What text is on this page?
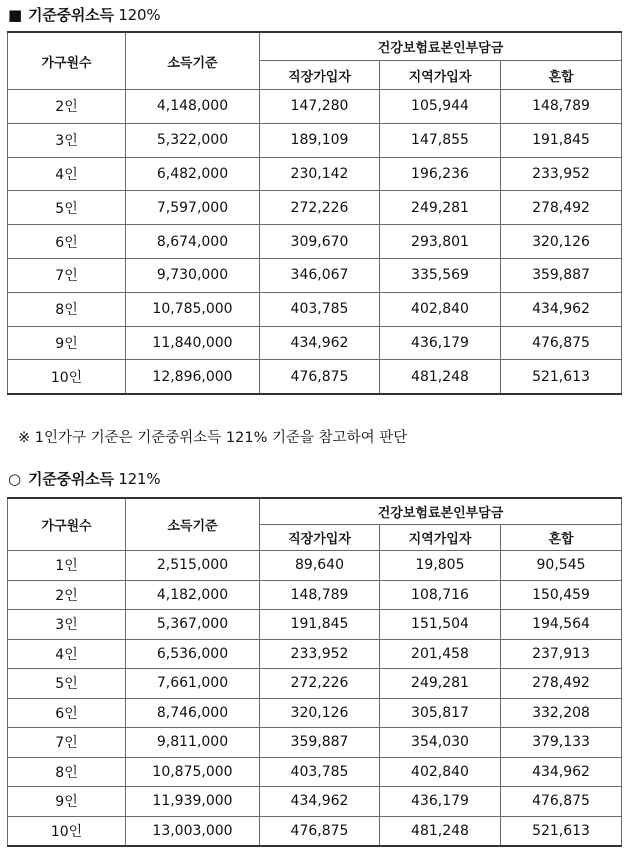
■ 기준중위소득 120%
가구원수	소득기준	건강보험료본인부담금		
		직장가입자	지역가입자	혼합
2인	4,148,000	147,280	105,944	148,789
3인	5,322,000	189,109	147,855	191,845
4인	6,482,000	230,142	196,236	233,952
5인	7,597,000	272,226	249,281	278,492
6인	8,674,000	309,670	293,801	320,126
7인	9,730,000	346,067	335,569	359,887
8인	10,785,000	403,785	402,840	434,962
9인	11,840,000	434,962	436,179	476,875
10인	12,896,000	476,875	481,248	521,613
※ 1인가구 기준은 기준중위소득 121% 기준을 참고하여 판단
○ 기준중위소득 121%
가구원수	소득기준	건강보험료본인부담금		
		직장가입자	지역가입자	혼합
1인	2,515,000	89,640	19,805	90,545
2인	4,182,000	148,789	108,716	150,459
3인	5,367,000	191,845	151,504	194,564
4인	6,536,000	233,952	201,458	237,913
5인	7,661,000	272,226	249,281	278,492
6인	8,746,000	320,126	305,817	332,208
7인	9,811,000	359,887	354,030	379,133
8인	10,875,000	403,785	402,840	434,962
9인	11,939,000	434,962	436,179	476,875
10인	13,003,000	476,875	481,248	521,613
